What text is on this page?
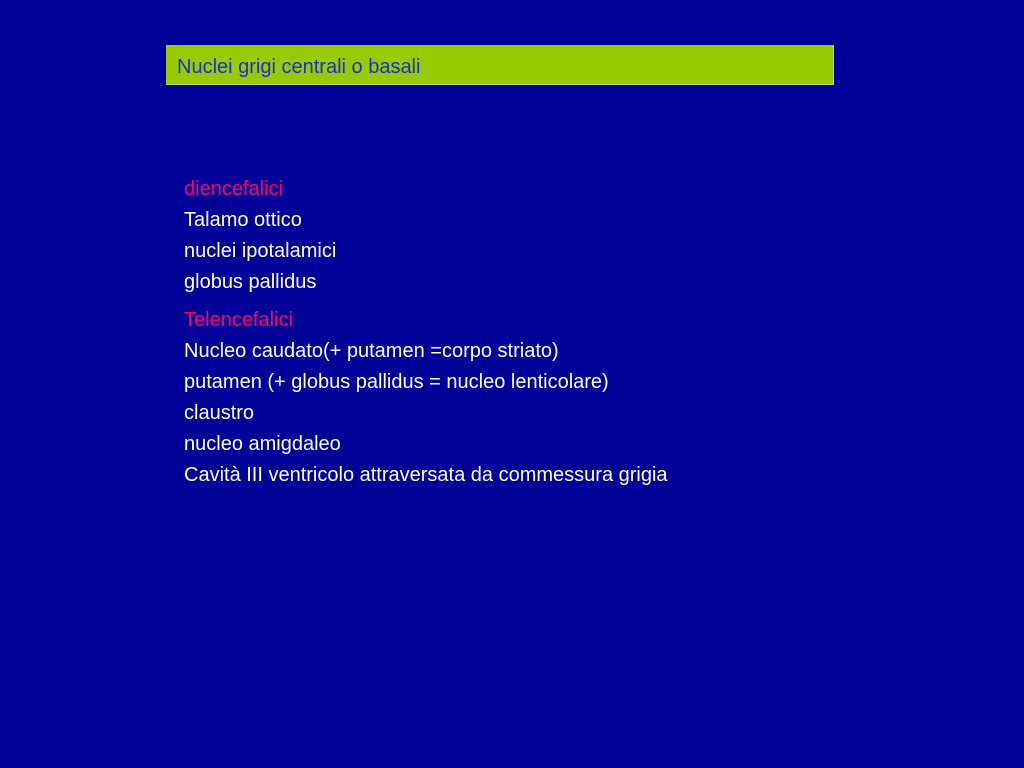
Nuclei grigi centrali o basali
diencefalici
Talamo ottico
nuclei ipotalamici
globus pallidus
Telencefalici
Nucleo caudato(+ putamen =corpo striato)
putamen (+ globus pallidus = nucleo lenticolare)
claustro
nucleo amigdaleo
Cavità III ventricolo attraversata da commessura grigia
